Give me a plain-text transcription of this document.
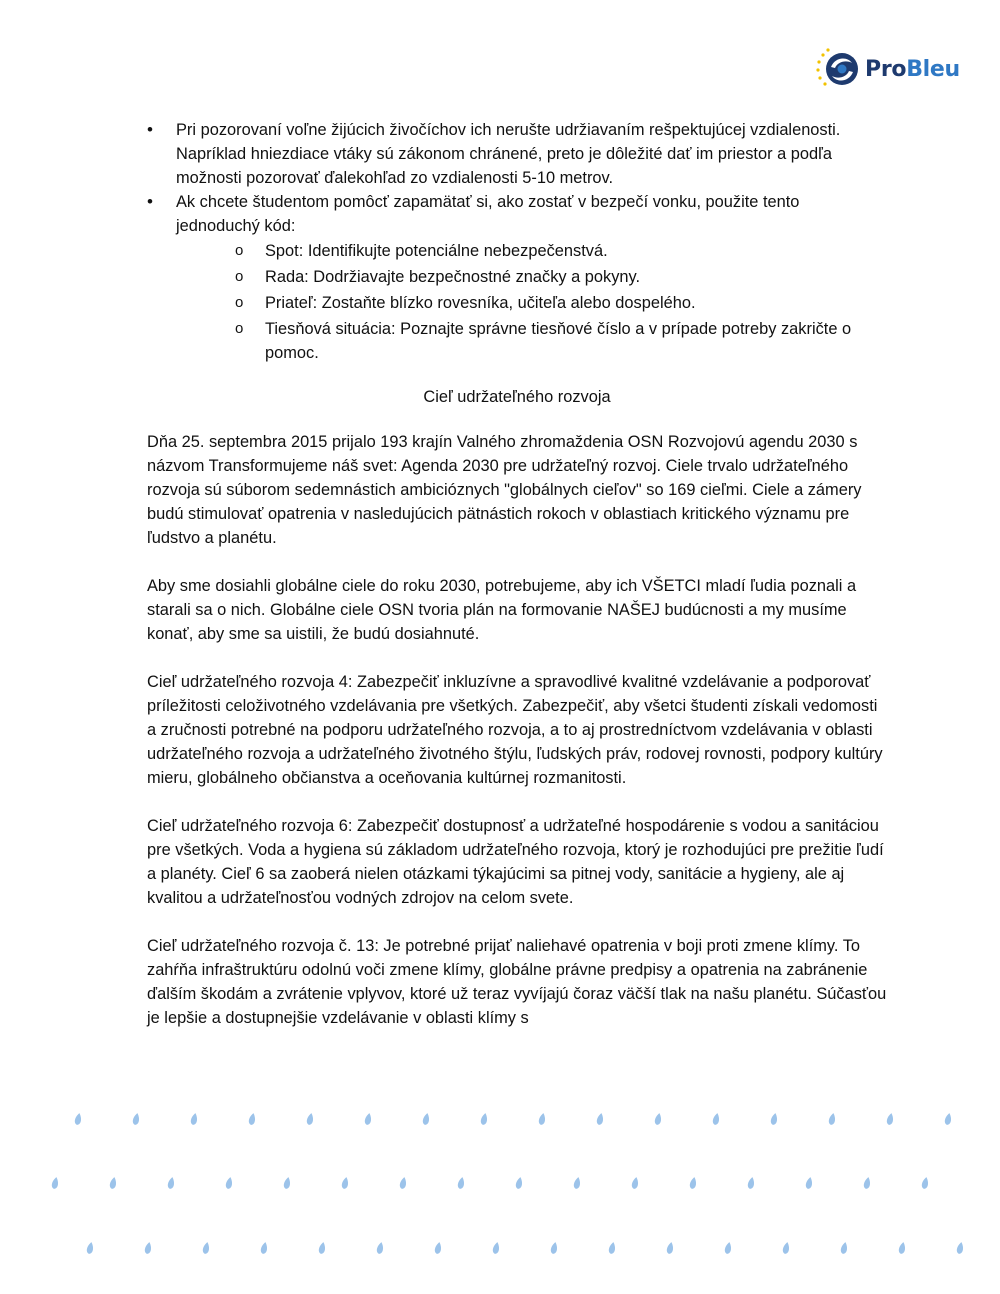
ProBleu
• Pri pozorovaní voľne žijúcich živočíchov ich nerušte udržiavaním rešpektujúcej vzdialenosti. Napríklad hniezdiace vtáky sú zákonom chránené, preto je dôležité dať im priestor a podľa možnosti pozorovať ďalekohľad zo vzdialenosti 5-10 metrov.
• Ak chcete študentom pomôcť zapamätať si, ako zostať v bezpečí vonku, použite tento jednoduchý kód:
o Spot: Identifikujte potenciálne nebezpečenstvá.
o Rada: Dodržiavajte bezpečnostné značky a pokyny.
o Priateľ: Zostaňte blízko rovesníka, učiteľa alebo dospelého.
o Tiesňová situácia: Poznajte správne tiesňové číslo a v prípade potreby zakričte o pomoc.

Cieľ udržateľného rozvoja

Dňa 25. septembra 2015 prijalo 193 krajín Valného zhromaždenia OSN Rozvojovú agendu 2030 s názvom Transformujeme náš svet: Agenda 2030 pre udržateľný rozvoj. Ciele trvalo udržateľného rozvoja sú súborom sedemnástich ambicióznych "globálnych cieľov" so 169 cieľmi. Ciele a zámery budú stimulovať opatrenia v nasledujúcich pätnástich rokoch v oblastiach kritického významu pre ľudstvo a planétu.

Aby sme dosiahli globálne ciele do roku 2030, potrebujeme, aby ich VŠETCI mladí ľudia poznali a starali sa o nich. Globálne ciele OSN tvoria plán na formovanie NAŠEJ budúcnosti a my musíme konať, aby sme sa uistili, že budú dosiahnuté.

Cieľ udržateľného rozvoja 4: Zabezpečiť inkluzívne a spravodlivé kvalitné vzdelávanie a podporovať príležitosti celoživotného vzdelávania pre všetkých. Zabezpečiť, aby všetci študenti získali vedomosti a zručnosti potrebné na podporu udržateľného rozvoja, a to aj prostredníctvom vzdelávania v oblasti udržateľného rozvoja a udržateľného životného štýlu, ľudských práv, rodovej rovnosti, podpory kultúry mieru, globálneho občianstva a oceňovania kultúrnej rozmanitosti.

Cieľ udržateľného rozvoja 6: Zabezpečiť dostupnosť a udržateľné hospodárenie s vodou a sanitáciou pre všetkých. Voda a hygiena sú základom udržateľného rozvoja, ktorý je rozhodujúci pre prežitie ľudí a planéty. Cieľ 6 sa zaoberá nielen otázkami týkajúcimi sa pitnej vody, sanitácie a hygieny, ale aj kvalitou a udržateľnosťou vodných zdrojov na celom svete.

Cieľ udržateľného rozvoja č. 13: Je potrebné prijať naliehavé opatrenia v boji proti zmene klímy. To zahŕňa infraštruktúru odolnú voči zmene klímy, globálne právne predpisy a opatrenia na zabránenie ďalším škodám a zvrátenie vplyvov, ktoré už teraz vyvíjajú čoraz väčší tlak na našu planétu. Súčasťou je lepšie a dostupnejšie vzdelávanie v oblasti klímy s
